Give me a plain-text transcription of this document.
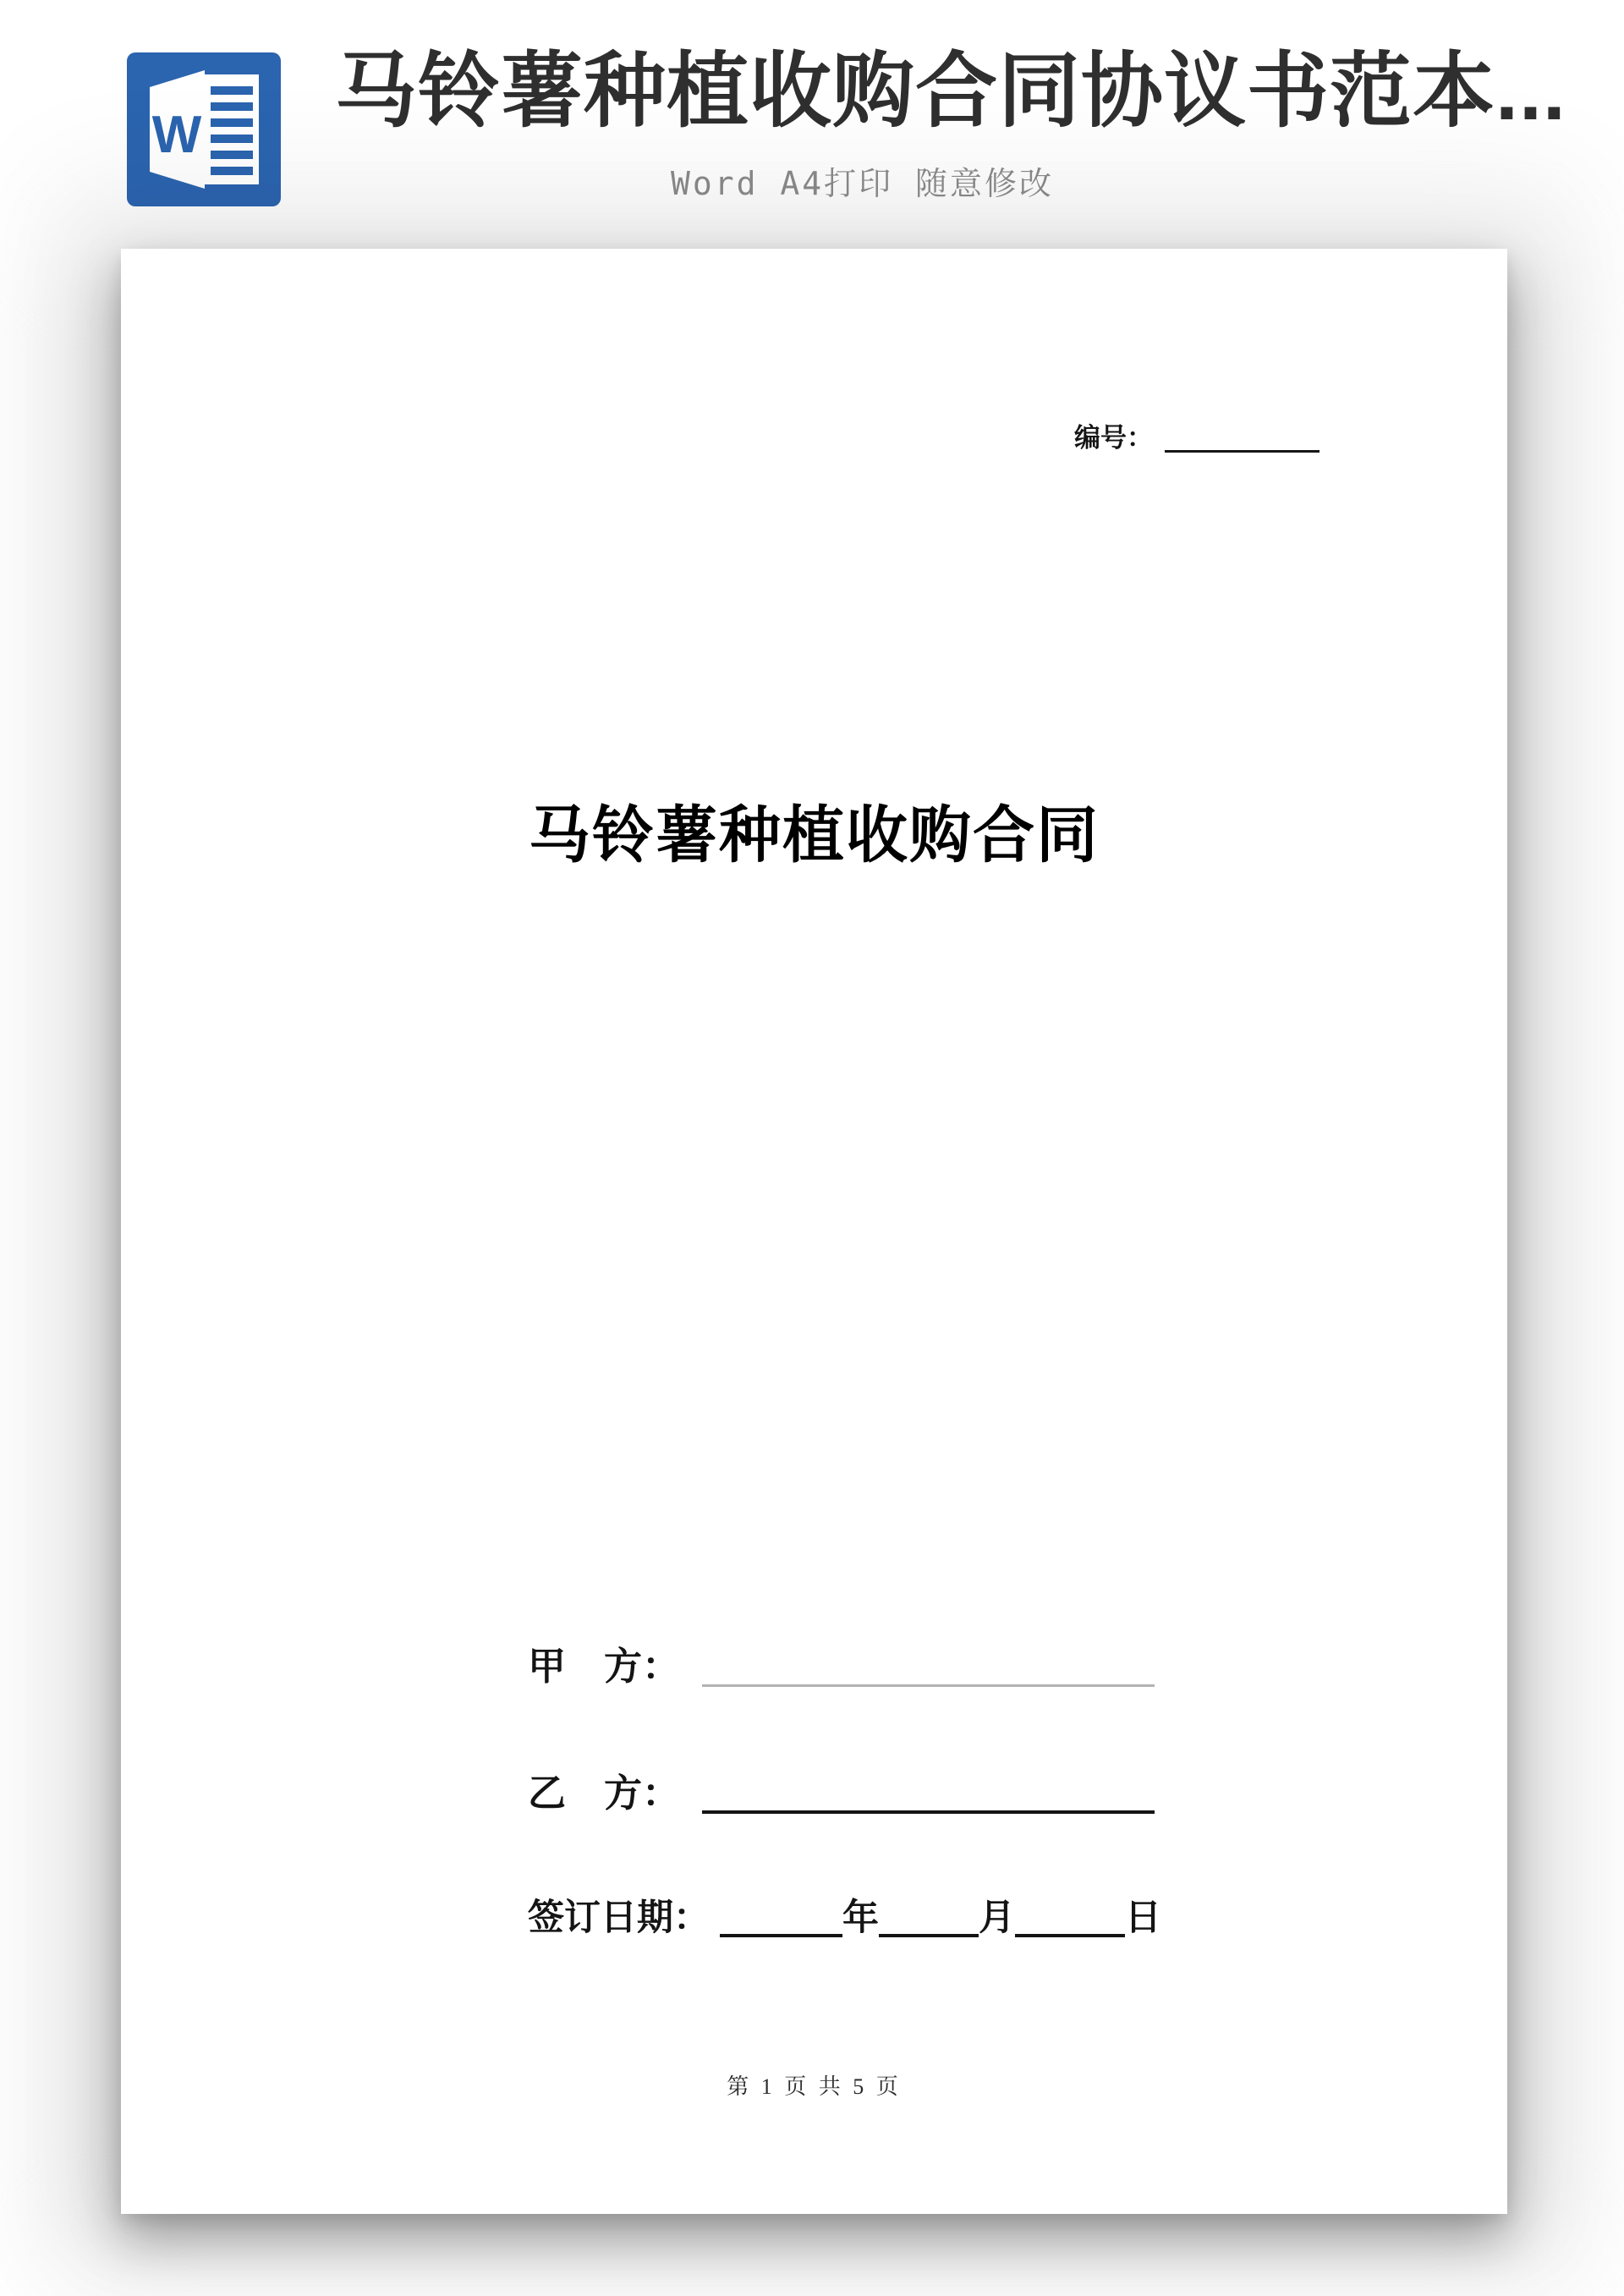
W 马铃薯种植收购合同协议书范本...
Word A4打印 随意修改
编号：
马铃薯种植收购合同
甲　方：
乙　方：
签订日期：	年	月	日
第 1 页 共 5 页
